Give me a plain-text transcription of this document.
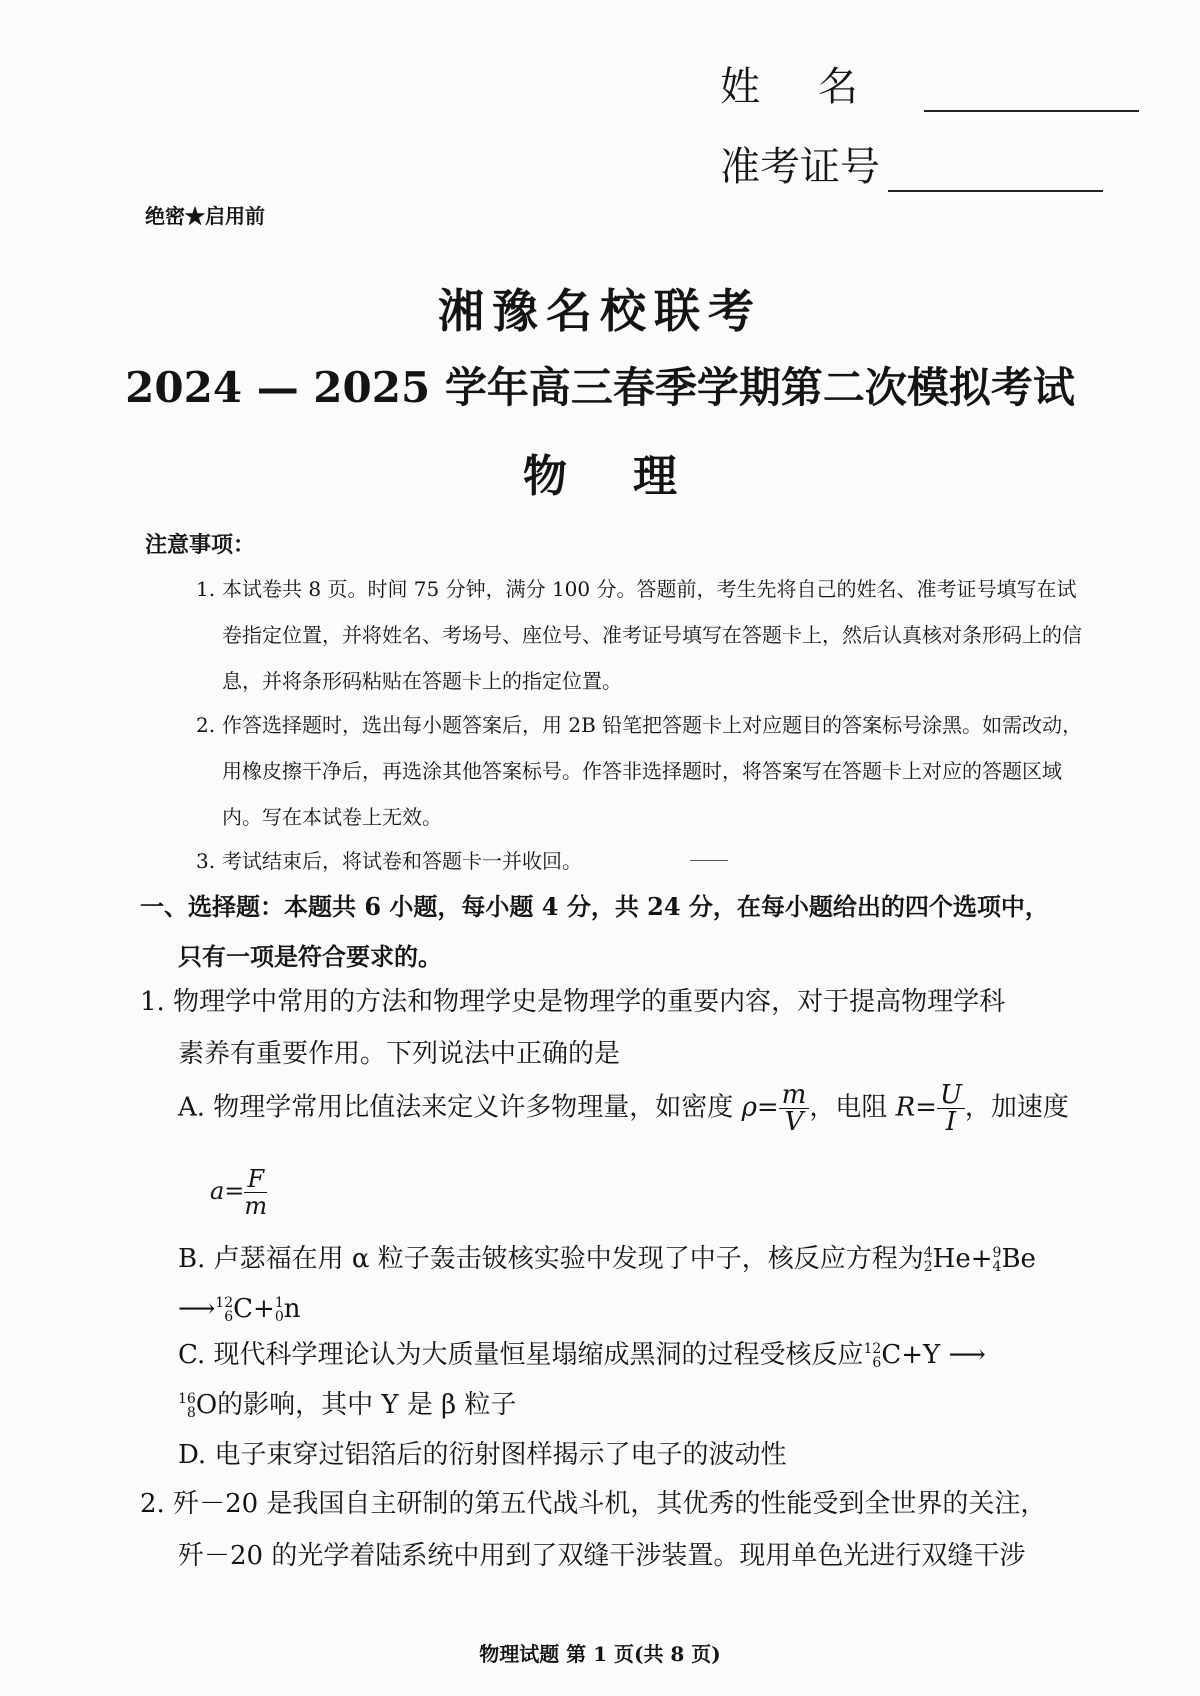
姓名
准考证号
绝密★启用前
湘豫名校联考
2024 — 2025 学年高三春季学期第二次模拟考试
物理
注意事项：
1. 本试卷共 8 页。时间 75 分钟，满分 100 分。答题前，考生先将自己的姓名、准考证号填写在试卷指定位置，并将姓名、考场号、座位号、准考证号填写在答题卡上，然后认真核对条形码上的信息，并将条形码粘贴在答题卡上的指定位置。
2. 作答选择题时，选出每小题答案后，用 2B 铅笔把答题卡上对应题目的答案标号涂黑。如需改动，用橡皮擦干净后，再选涂其他答案标号。作答非选择题时，将答案写在答题卡上对应的答题区域内。写在本试卷上无效。
3. 考试结束后，将试卷和答题卡一并收回。
一、选择题：本题共 6 小题，每小题 4 分，共 24 分，在每小题给出的四个选项中，
只有一项是符合要求的。
1. 物理学中常用的方法和物理学史是物理学的重要内容，对于提高物理学科
素养有重要作用。下列说法中正确的是
A. 物理学常用比值法来定义许多物理量，如密度 $\rho= \frac{m}{V}$ ，电阻 $R= \frac{U}{I}$ ，加速度
$a= \frac{F}{m}$
B. 卢瑟福在用 α 粒子轰击铍核实验中发现了中子，核反应方程为 4
2 He+ 9
4 Be
⟶ 12
6 C+ 1
0 n
C. 现代科学理论认为大质量恒星塌缩成黑洞的过程受核反应 12
6 C+Y ⟶

16
8 O的影响，其中 Y 是 β 粒子
D. 电子束穿过铝箔后的衍射图样揭示了电子的波动性
2. 歼－20 是我国自主研制的第五代战斗机，其优秀的性能受到全世界的关注，
歼－20 的光学着陆系统中用到了双缝干涉装置。现用单色光进行双缝干涉
物理试题 第 1 页(共 8 页)
